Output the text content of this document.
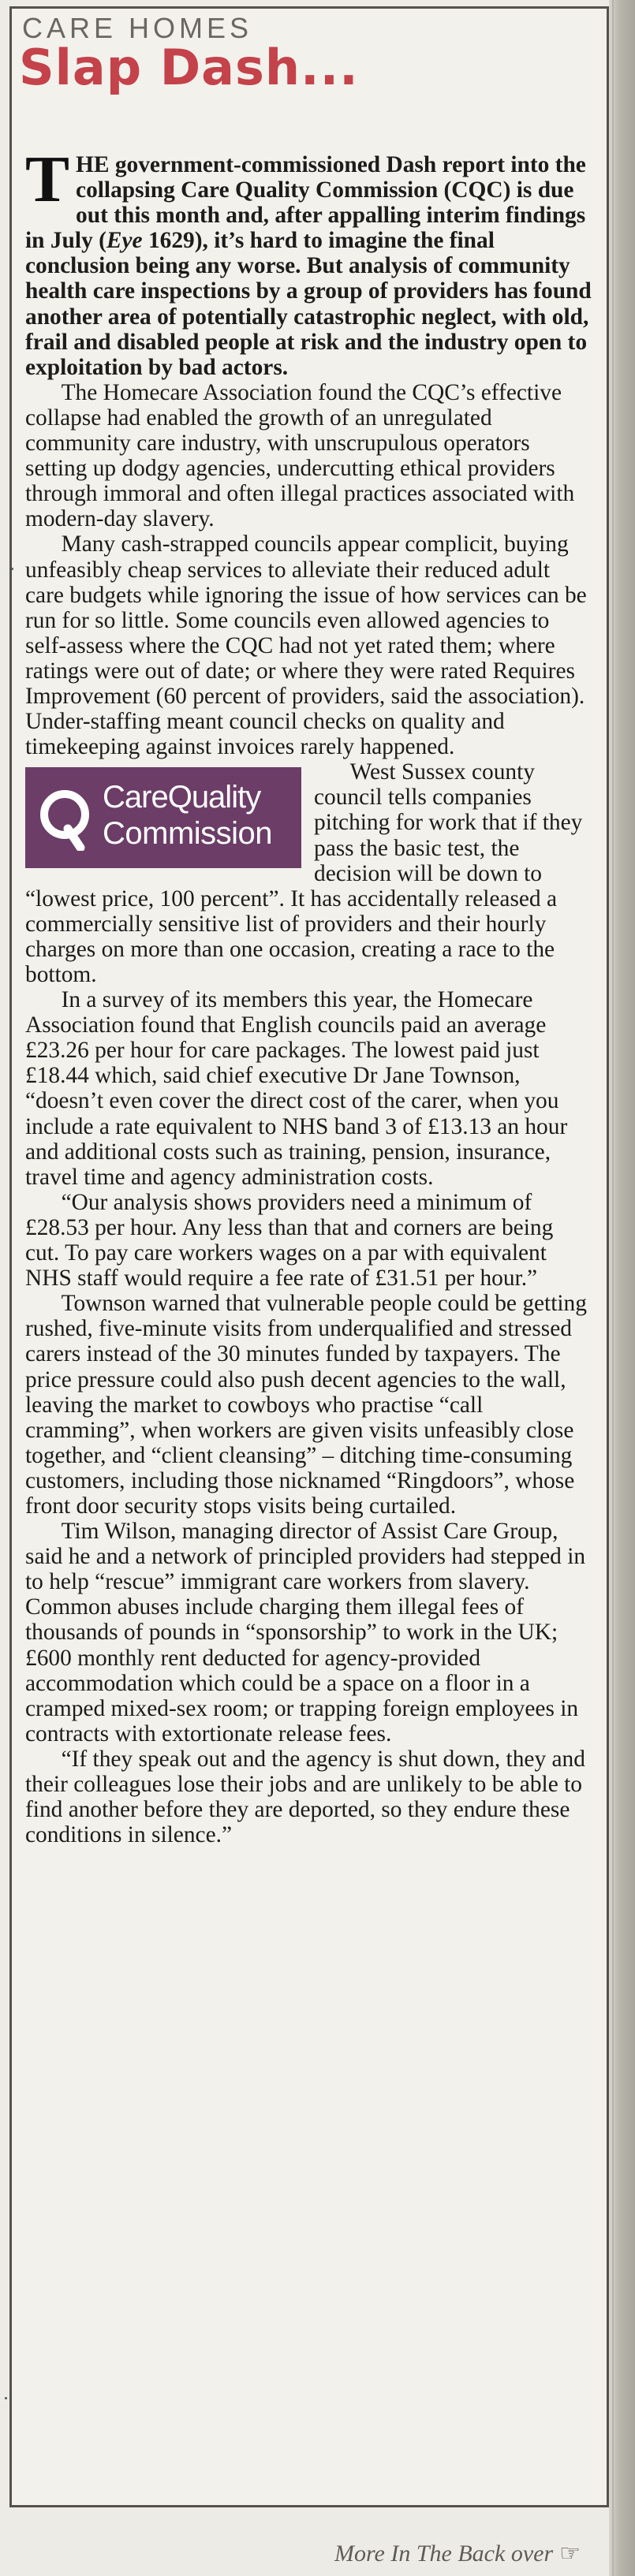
CARE HOMES
Slap Dash...

THE government-commissioned Dash report into the collapsing Care Quality Commission (CQC) is due out this month and, after appalling interim findings in July (Eye 1629), it’s hard to imagine the final conclusion being any worse. But analysis of community health care inspections by a group of providers has found another area of potentially catastrophic neglect, with old, frail and disabled people at risk and the industry open to exploitation by bad actors.

The Homecare Association found the CQC’s effective collapse had enabled the growth of an unregulated community care industry, with unscrupulous operators setting up dodgy agencies, undercutting ethical providers through immoral and often illegal practices associated with modern-day slavery.

Many cash-strapped councils appear complicit, buying unfeasibly cheap services to alleviate their reduced adult care budgets while ignoring the issue of how services can be run for so little. Some councils even allowed agencies to self-assess where the CQC had not yet rated them; where ratings were out of date; or where they were rated Requires Improvement (60 percent of providers, said the association). Under-staffing meant council checks on quality and timekeeping against invoices rarely happened.

CareQuality
Commission

West Sussex county council tells companies pitching for work that if they pass the basic test, the decision will be down to “lowest price, 100 percent”. It has accidentally released a commercially sensitive list of providers and their hourly charges on more than one occasion, creating a race to the bottom.

In a survey of its members this year, the Homecare Association found that English councils paid an average £23.26 per hour for care packages. The lowest paid just £18.44 which, said chief executive Dr Jane Townson, “doesn’t even cover the direct cost of the carer, when you include a rate equivalent to NHS band 3 of £13.13 an hour and additional costs such as training, pension, insurance, travel time and agency administration costs.

“Our analysis shows providers need a minimum of £28.53 per hour. Any less than that and corners are being cut. To pay care workers wages on a par with equivalent NHS staff would require a fee rate of £31.51 per hour.”

Townson warned that vulnerable people could be getting rushed, five-minute visits from underqualified and stressed carers instead of the 30 minutes funded by taxpayers. The price pressure could also push decent agencies to the wall, leaving the market to cowboys who practise “call cramming”, when workers are given visits unfeasibly close together, and “client cleansing” – ditching time-consuming customers, including those nicknamed “Ringdoors”, whose front door security stops visits being curtailed.

Tim Wilson, managing director of Assist Care Group, said he and a network of principled providers had stepped in to help “rescue” immigrant care workers from slavery. Common abuses include charging them illegal fees of thousands of pounds in “sponsorship” to work in the UK; £600 monthly rent deducted for agency-provided accommodation which could be a space on a floor in a cramped mixed-sex room; or trapping foreign employees in contracts with extortionate release fees.

“If they speak out and the agency is shut down, they and their colleagues lose their jobs and are unlikely to be able to find another before they are deported, so they endure these conditions in silence.”

More In The Back over ☞
